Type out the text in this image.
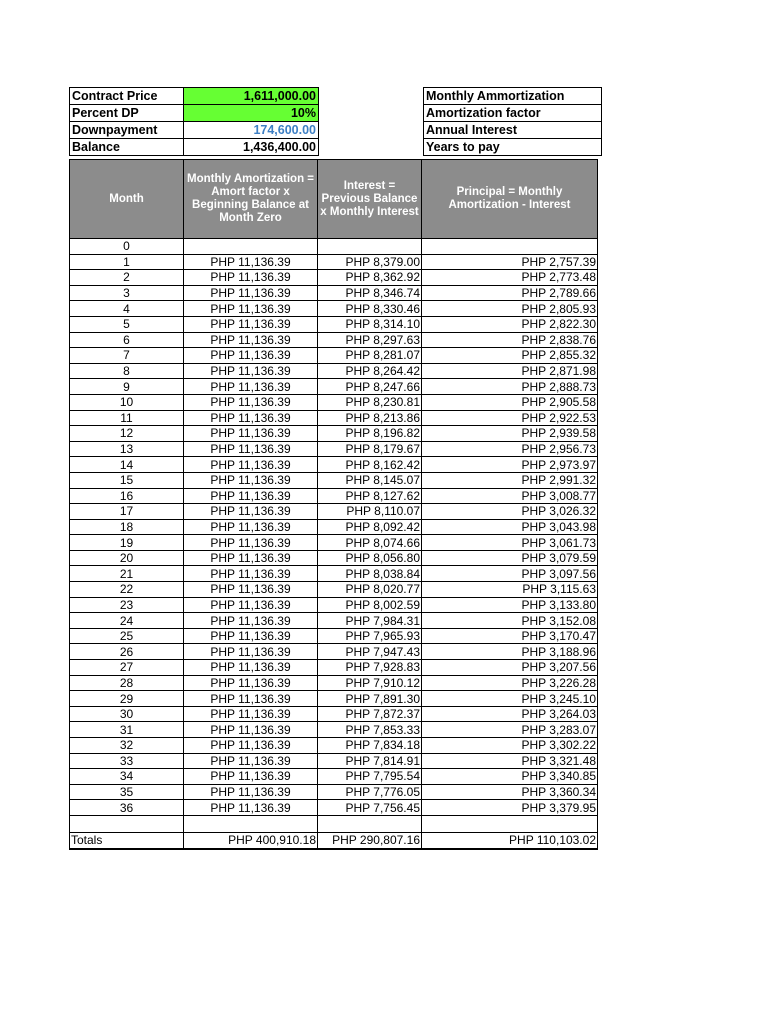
Contract Price	1,611,000.00
Percent DP	10%
Downpayment	174,600.00
Balance	1,436,400.00
Monthly Ammortization
Amortization factor
Annual Interest
Years to pay
Month	Monthly Amortization = Amort factor x Beginning Balance at Month Zero	Interest = Previous Balance x Monthly Interest	Principal = Monthly Amortization - Interest
0			
1	PHP 11,136.39	PHP 8,379.00	PHP 2,757.39
2	PHP 11,136.39	PHP 8,362.92	PHP 2,773.48
3	PHP 11,136.39	PHP 8,346.74	PHP 2,789.66
4	PHP 11,136.39	PHP 8,330.46	PHP 2,805.93
5	PHP 11,136.39	PHP 8,314.10	PHP 2,822.30
6	PHP 11,136.39	PHP 8,297.63	PHP 2,838.76
7	PHP 11,136.39	PHP 8,281.07	PHP 2,855.32
8	PHP 11,136.39	PHP 8,264.42	PHP 2,871.98
9	PHP 11,136.39	PHP 8,247.66	PHP 2,888.73
10	PHP 11,136.39	PHP 8,230.81	PHP 2,905.58
11	PHP 11,136.39	PHP 8,213.86	PHP 2,922.53
12	PHP 11,136.39	PHP 8,196.82	PHP 2,939.58
13	PHP 11,136.39	PHP 8,179.67	PHP 2,956.73
14	PHP 11,136.39	PHP 8,162.42	PHP 2,973.97
15	PHP 11,136.39	PHP 8,145.07	PHP 2,991.32
16	PHP 11,136.39	PHP 8,127.62	PHP 3,008.77
17	PHP 11,136.39	PHP 8,110.07	PHP 3,026.32
18	PHP 11,136.39	PHP 8,092.42	PHP 3,043.98
19	PHP 11,136.39	PHP 8,074.66	PHP 3,061.73
20	PHP 11,136.39	PHP 8,056.80	PHP 3,079.59
21	PHP 11,136.39	PHP 8,038.84	PHP 3,097.56
22	PHP 11,136.39	PHP 8,020.77	PHP 3,115.63
23	PHP 11,136.39	PHP 8,002.59	PHP 3,133.80
24	PHP 11,136.39	PHP 7,984.31	PHP 3,152.08
25	PHP 11,136.39	PHP 7,965.93	PHP 3,170.47
26	PHP 11,136.39	PHP 7,947.43	PHP 3,188.96
27	PHP 11,136.39	PHP 7,928.83	PHP 3,207.56
28	PHP 11,136.39	PHP 7,910.12	PHP 3,226.28
29	PHP 11,136.39	PHP 7,891.30	PHP 3,245.10
30	PHP 11,136.39	PHP 7,872.37	PHP 3,264.03
31	PHP 11,136.39	PHP 7,853.33	PHP 3,283.07
32	PHP 11,136.39	PHP 7,834.18	PHP 3,302.22
33	PHP 11,136.39	PHP 7,814.91	PHP 3,321.48
34	PHP 11,136.39	PHP 7,795.54	PHP 3,340.85
35	PHP 11,136.39	PHP 7,776.05	PHP 3,360.34
36	PHP 11,136.39	PHP 7,756.45	PHP 3,379.95

Totals	PHP 400,910.18	PHP 290,807.16	PHP 110,103.02
